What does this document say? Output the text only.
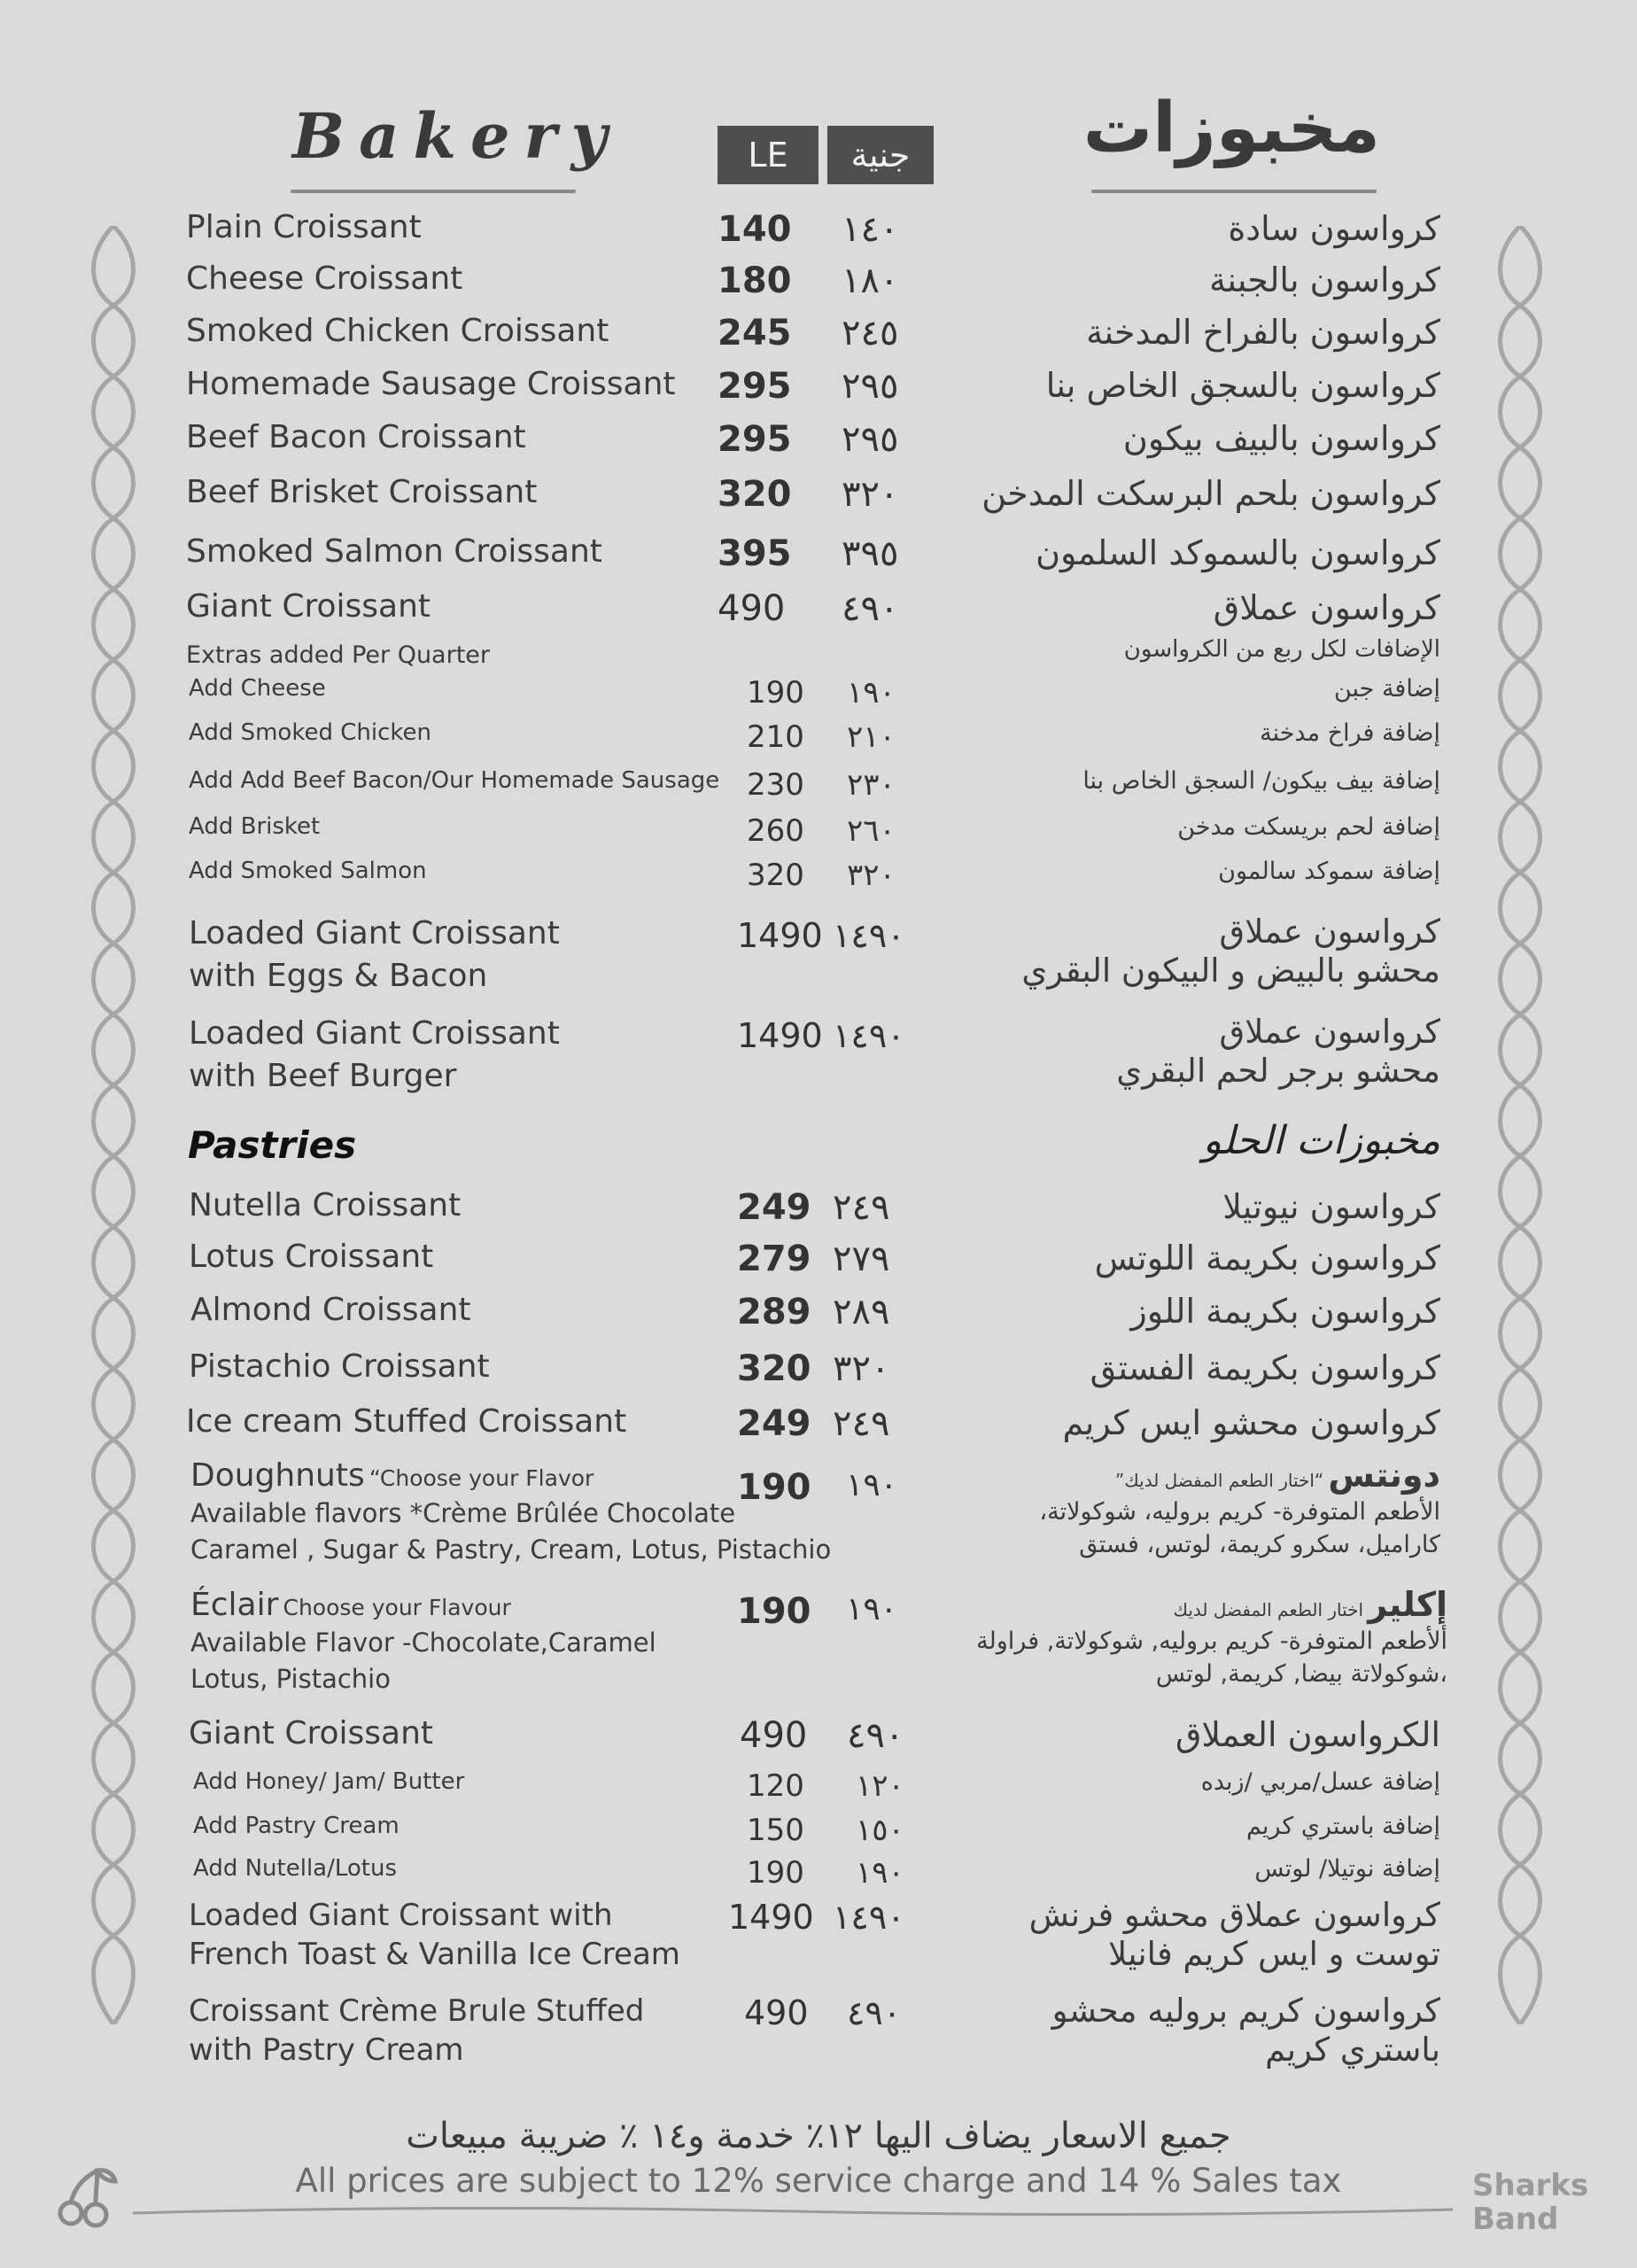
Bakery	مخبوزات
LE	جنية
Plain Croissant	140	١٤٠	كرواسون سادة
Cheese Croissant	180	١٨٠	كرواسون بالجبنة
Smoked Chicken Croissant	245	٢٤٥	كرواسون بالفراخ المدخنة
Homemade Sausage Croissant 295	٢٩٥	كرواسون بالسجق الخاص بنا
Beef Bacon Croissant	295	٢٩٥	كرواسون بالبيف بيكون
Beef Brisket Croissant	320	٣٢٠	كرواسون بلحم البرسكت المدخن
Smoked Salmon Croissant	395	٣٩٥	كرواسون بالسموكد السلمون
Giant Croissant	490	٤٩٠	كرواسون عملاق
Extras added Per Quarter	الإضافات لكل ربع من الكرواسون
Add Cheese	190	١٩٠	إضافة جبن
Add Smoked Chicken	210	٢١٠	إضافة فراخ مدخنة
Add Add Beef Bacon/Our Homemade Sausage 230	٢٣٠	إضافة بيف بيكون/ السجق الخاص بنا
Add Brisket	260	٢٦٠	إضافة لحم بريسكت مدخن
Add Smoked Salmon	320	٣٢٠	إضافة سموكد سالمون
Loaded Giant Croissant
with Eggs & Bacon
1490 ١٤٩٠	كرواسون عملاق
محشو بالبيض و البيكون البقري
Loaded Giant Croissant
with Beef Burger
1490 ١٤٩٠	كرواسون عملاق
محشو برجر لحم البقري
Pastries	مخبوزات الحلو
Nutella Croissant	249 ٢٤٩	كرواسون نيوتيلا
Lotus Croissant	279 ٢٧٩	كرواسون بكريمة اللوتس
Almond Croissant	289 ٢٨٩	كرواسون بكريمة اللوز
Pistachio Croissant	320 ٣٢٠	كرواسون بكريمة الفستق
Ice cream Stuffed Croissant	249 ٢٤٩	كرواسون محشو ايس كريم
Doughnuts “Choose your Flavor
Available flavors *Crème Brûlée Chocolate
Caramel , Sugar & Pastry, Cream, Lotus, Pistachio
190	١٩٠	دونتس “اختار الطعم المفضل لديك”
الأطعم المتوفرة- كريم بروليه، شوكولاتة،
كاراميل، سكرو كريمة، لوتس، فستق
Éclair Choose your Flavour
Available Flavor -Chocolate,Caramel
Lotus, Pistachio
190	١٩٠	إكلير اختار الطعم المفضل لديك
ألأطعم المتوفرة- كريم بروليه, شوكولاتة, فراولة
،شوكولاتة بيضا, كريمة, لوتس
Giant Croissant	490	٤٩٠	الكرواسون العملاق
Add Honey/ Jam/ Butter	120	١٢٠	إضافة عسل/مربي /زبده
Add Pastry Cream	150	١٥٠	إضافة باستري كريم
Add Nutella/Lotus	190	١٩٠	إضافة نوتيلا/ لوتس
Loaded Giant Croissant with
French Toast & Vanilla Ice Cream
1490 ١٤٩٠	كرواسون عملاق محشو فرنش
توست و ايس كريم فانيلا
Croissant Crème Brule Stuffed
with Pastry Cream
490	٤٩٠	كرواسون كريم بروليه محشو
باستري كريم
جميع الاسعار يضاف اليها ١٢٪ خدمة و١٤ ٪ ضريبة مبيعات
All prices are subject to 12% service charge and 14 % Sales tax	Sharks
Band
